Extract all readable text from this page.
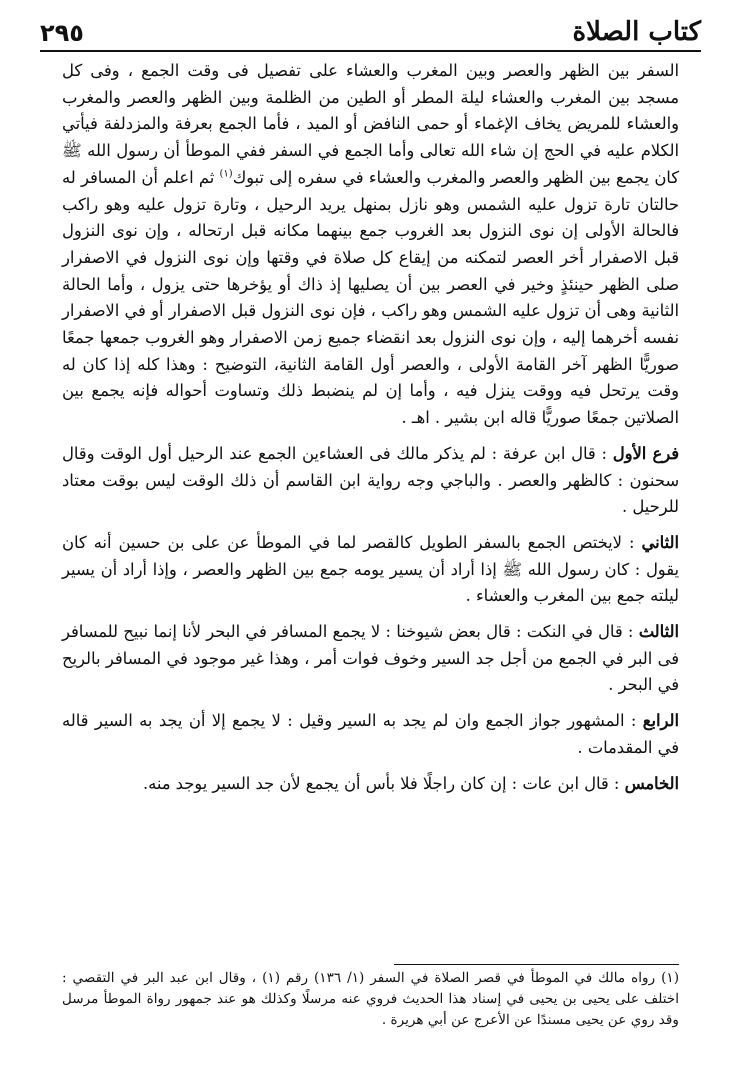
٢٩٥	كتاب الصلاة

السفر بين الظهر والعصر وبين المغرب والعشاء على تفصيل فى وقت الجمع ، وفى كل مسجد بين المغرب والعشاء ليلة المطر أو الطين من الظلمة وبين الظهر والعصر والمغرب والعشاء للمريض يخاف الإغماء أو حمى النافض أو الميد ، فأما الجمع بعرفة والمزدلفة فيأتي الكلام عليه في الحج إن شاء الله تعالى وأما الجمع في السفر ففي الموطأ أن رسول الله ﷺ كان يجمع بين الظهر والعصر والمغرب والعشاء في سفره إلى تبوك$^{(١)}$ ثم اعلم أن المسافر له حالتان تارة تزول عليه الشمس وهو نازل بمنهل يريد الرحيل ، وتارة تزول عليه وهو راكب فالحالة الأولى إن نوى النزول بعد الغروب جمع بينهما مكانه قبل ارتحاله ، وإن نوى النزول قبل الاصفرار أخر العصر لتمكنه من إيقاع كل صلاة في وقتها وإن نوى النزول في الاصفرار صلى الظهر حينئذٍ وخير في العصر بين أن يصليها إذ ذاك أو يؤخرها حتى يزول ، وأما الحالة الثانية وهى أن تزول عليه الشمس وهو راكب ، فإن نوى النزول قبل الاصفرار أو في الاصفرار نفسه أخرهما إليه ، وإن نوى النزول بعد انقضاء جميع زمن الاصفرار وهو الغروب جمعها جمعًا صوريًّا الظهر آخر القامة الأولى ، والعصر أول القامة الثانية، التوضيح : وهذا كله إذا كان له وقت يرتحل فيه ووقت ينزل فيه ، وأما إن لم ينضبط ذلك وتساوت أحواله فإنه يجمع بين الصلاتين جمعًا صوريًّا قاله ابن بشير . اهـ .

فرع الأول : قال ابن عرفة : لم يذكر مالك فى العشاءين الجمع عند الرحيل أول الوقت وقال سحنون : كالظهر والعصر . والباجي وجه رواية ابن القاسم أن ذلك الوقت ليس بوقت معتاد للرحيل .

الثاني : لايختص الجمع بالسفر الطويل كالقصر لما في الموطأ عن على بن حسين أنه كان يقول : كان رسول الله ﷺ إذا أراد أن يسير يومه جمع بين الظهر والعصر ، وإذا أراد أن يسير ليلته جمع بين المغرب والعشاء .

الثالث : قال في النكت : قال بعض شيوخنا : لا يجمع المسافر في البحر لأنا إنما نبيح للمسافر فى البر في الجمع من أجل جد السير وخوف فوات أمر ، وهذا غير موجود في المسافر بالريح في البحر .

الرابع : المشهور جواز الجمع وان لم يجد به السير وقيل : لا يجمع إلا أن يجد به السير قاله في المقدمات .

الخامس : قال ابن عات : إن كان راجلًا فلا بأس أن يجمع لأن جد السير يوجد منه.

(١) رواه مالك في الموطأ في قصر الصلاة في السفر (١/ ١٣٦) رقم (١) ، وقال ابن عبد البر في التقصي : اختلف على يحيى بن يحيى في إسناد هذا الحديث فروي عنه مرسلًا وكذلك هو عند جمهور رواة الموطأ مرسل وقد روي عن يحيى مسندًا عن الأعرج عن أبي هريرة .
